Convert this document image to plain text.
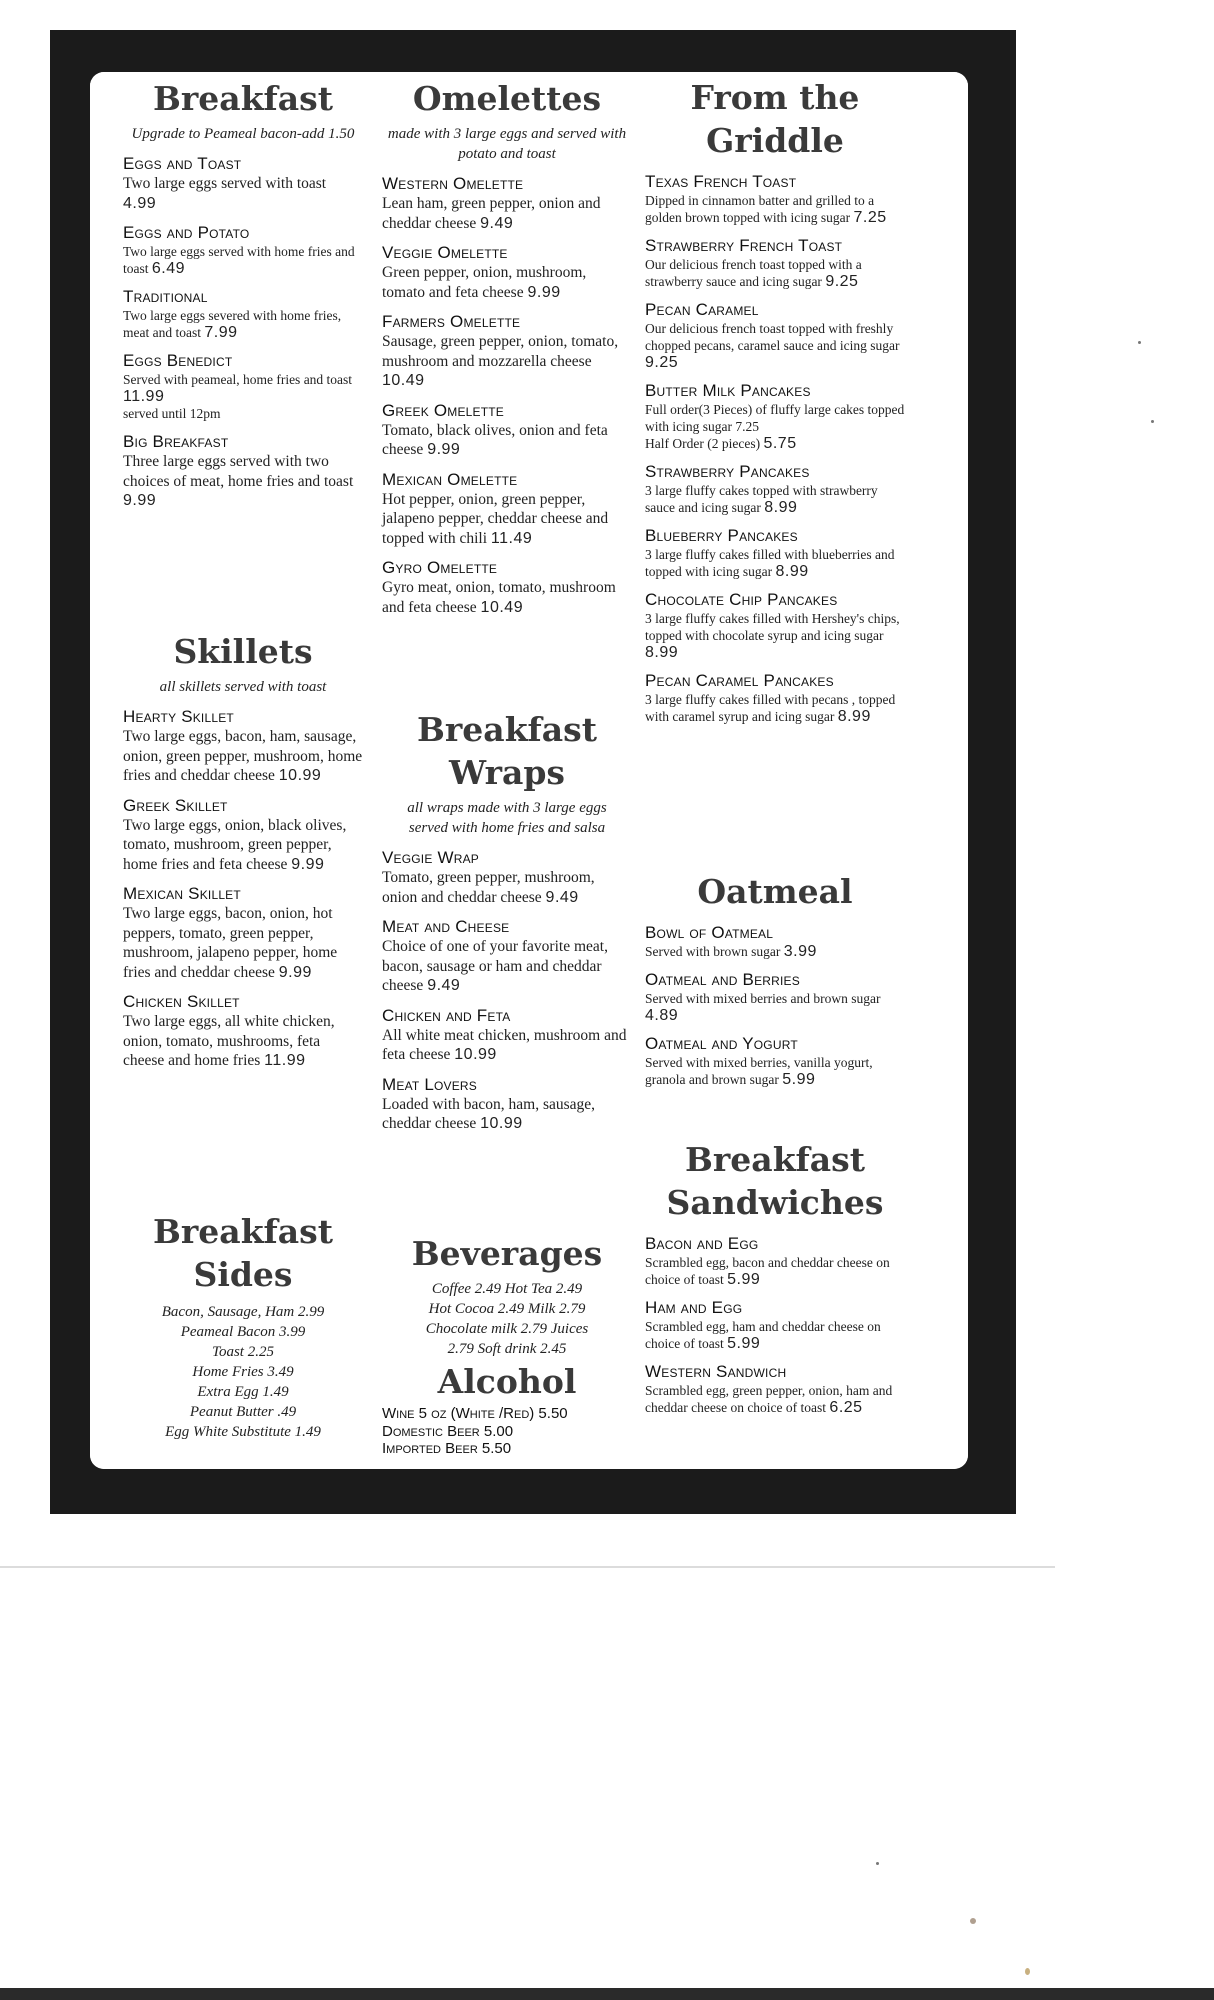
Breakfast
Upgrade to Peameal bacon-add 1.50
Eggs and Toast
Two large eggs served with toast 4.99
Eggs and Potato
Two large eggs served with home fries and toast 6.49
Traditional
Two large eggs severed with home fries, meat and toast 7.99
Eggs Benedict
Served with peameal, home fries and toast 11.99
served until 12pm
Big Breakfast
Three large eggs served with two choices of meat, home fries and toast 9.99
Skillets
all skillets served with toast
Hearty Skillet
Two large eggs, bacon, ham, sausage, onion, green pepper, mushroom, home fries and cheddar cheese 10.99
Greek Skillet
Two large eggs, onion, black olives, tomato, mushroom, green pepper, home fries and feta cheese 9.99
Mexican Skillet
Two large eggs, bacon, onion, hot peppers, tomato, green pepper, mushroom, jalapeno pepper, home fries and cheddar cheese 9.99
Chicken Skillet
Two large eggs, all white chicken, onion, tomato, mushrooms, feta cheese and home fries 11.99
Breakfast
Sides
Bacon, Sausage, Ham 2.99
Peameal Bacon 3.99
Toast 2.25
Home Fries 3.49
Extra Egg 1.49
Peanut Butter .49
Egg White Substitute 1.49
Omelettes
made with 3 large eggs and served with potato and toast
Western Omelette
Lean ham, green pepper, onion and cheddar cheese 9.49
Veggie Omelette
Green pepper, onion, mushroom, tomato and feta cheese 9.99
Farmers Omelette
Sausage, green pepper, onion, tomato, mushroom and mozzarella cheese 10.49
Greek Omelette
Tomato, black olives, onion and feta cheese 9.99
Mexican Omelette
Hot pepper, onion, green pepper, jalapeno pepper, cheddar cheese and topped with chili 11.49
Gyro Omelette
Gyro meat, onion, tomato, mushroom and feta cheese 10.49
Breakfast
Wraps
all wraps made with 3 large eggs served with home fries and salsa
Veggie Wrap
Tomato, green pepper, mushroom, onion and cheddar cheese 9.49
Meat and Cheese
Choice of one of your favorite meat, bacon, sausage or ham and cheddar cheese 9.49
Chicken and Feta
All white meat chicken, mushroom and feta cheese 10.99
Meat Lovers
Loaded with bacon, ham, sausage, cheddar cheese 10.99
Beverages
Coffee 2.49 Hot Tea 2.49
Hot Cocoa 2.49 Milk 2.79
Chocolate milk 2.79 Juices
2.79 Soft drink 2.45
Alcohol
Wine 5 oz (White /Red) 5.50
Domestic Beer 5.00
Imported Beer 5.50
From the
Griddle
Texas French Toast
Dipped in cinnamon batter and grilled to a golden brown topped with icing sugar 7.25
Strawberry French Toast
Our delicious french toast topped with a strawberry sauce and icing sugar 9.25
Pecan Caramel
Our delicious french toast topped with freshly chopped pecans, caramel sauce and icing sugar 9.25
Butter Milk Pancakes
Full order(3 Pieces) of fluffy large cakes topped with icing sugar 7.25
Half Order (2 pieces) 5.75
Strawberry Pancakes
3 large fluffy cakes topped with strawberry sauce and icing sugar 8.99
Blueberry Pancakes
3 large fluffy cakes filled with blueberries and topped with icing sugar 8.99
Chocolate Chip Pancakes
3 large fluffy cakes filled with Hershey's chips, topped with chocolate syrup and icing sugar 8.99
Pecan Caramel Pancakes
3 large fluffy cakes filled with pecans , topped with caramel syrup and icing sugar 8.99
Oatmeal
Bowl of Oatmeal
Served with brown sugar 3.99
Oatmeal and Berries
Served with mixed berries and brown sugar 4.89
Oatmeal and Yogurt
Served with mixed berries, vanilla yogurt, granola and brown sugar 5.99
Breakfast
Sandwiches
Bacon and Egg
Scrambled egg, bacon and cheddar cheese on choice of toast 5.99
Ham and Egg
Scrambled egg, ham and cheddar cheese on choice of toast 5.99
Western Sandwich
Scrambled egg, green pepper, onion, ham and cheddar cheese on choice of toast 6.25
